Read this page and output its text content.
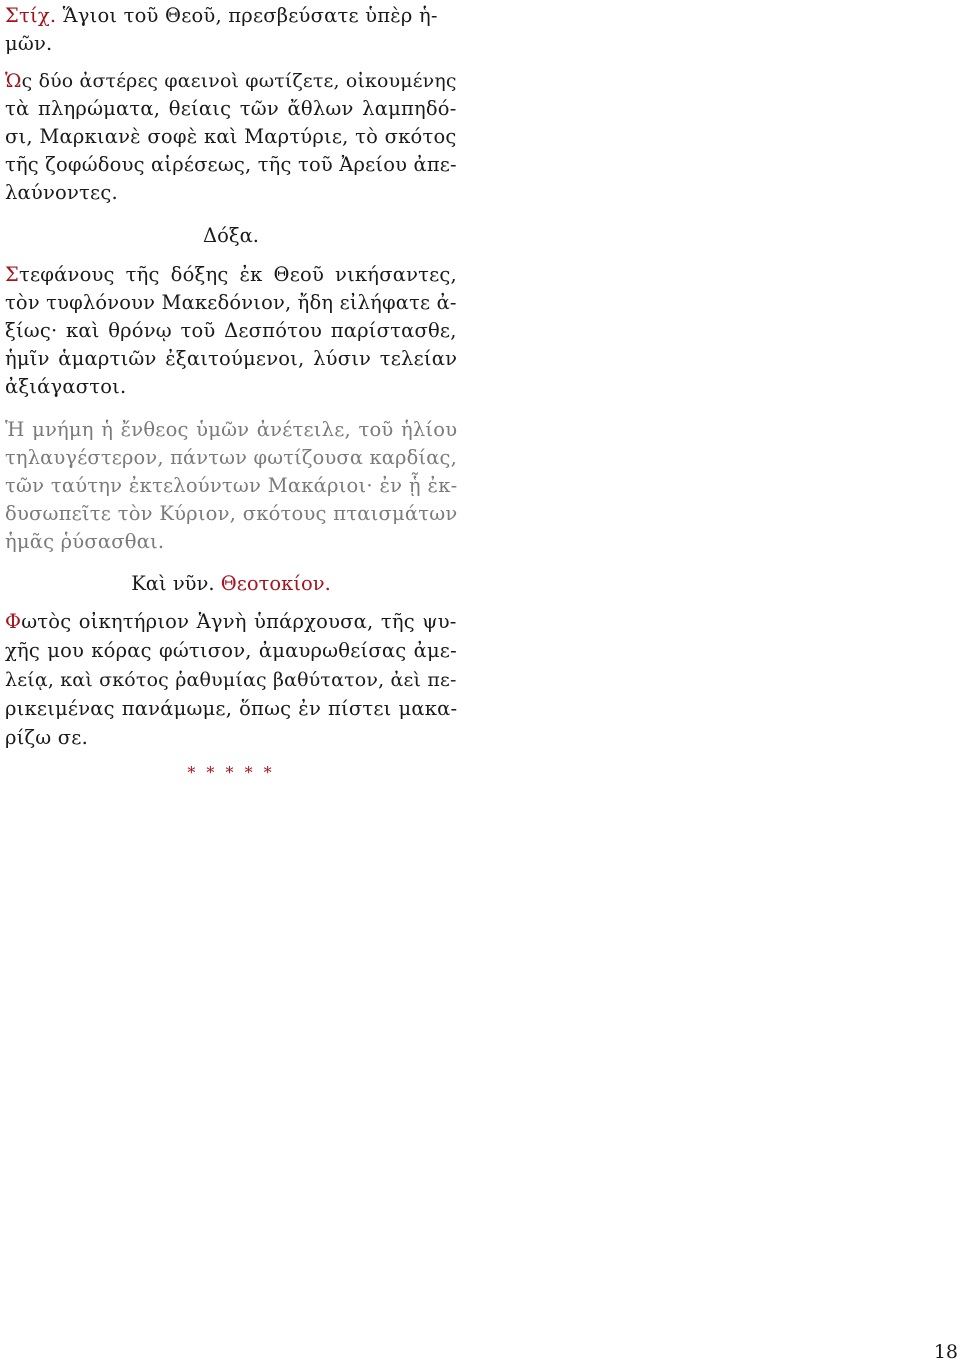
Στίχ. Ἅγιοι τοῦ Θεοῦ, πρεσβεύσατε ὑπὲρ ἡ-
μῶν.
Ὡς δύο ἀστέρες φαεινοὶ φωτίζετε, οἰκουμένης
τὰ πληρώματα, θείαις τῶν ἄθλων λαμπηδό-
σι, Μαρκιανὲ σοφὲ καὶ Μαρτύριε, τὸ σκότος
τῆς ζοφώδους αἱρέσεως, τῆς τοῦ Ἀρείου ἀπε-
λαύνοντες.
Δόξα.
Στεφάνους τῆς δόξης ἐκ Θεοῦ νικήσαντες,
τὸν τυφλόνουν Μακεδόνιον, ἤδη εἰλήφατε ἀ-
ξίως· καὶ θρόνῳ τοῦ Δεσπότου παρίστασθε,
ἡμῖν ἁμαρτιῶν ἐξαιτούμενοι, λύσιν τελείαν
ἀξιάγαστοι.
Ἡ μνήμη ἡ ἔνθεος ὑμῶν ἀνέτειλε, τοῦ ἡλίου
τηλαυγέστερον, πάντων φωτίζουσα καρδίας,
τῶν ταύτην ἐκτελούντων Μακάριοι· ἐν ᾗ ἐκ-
δυσωπεῖτε τὸν Κύριον, σκότους πταισμάτων
ἡμᾶς ῥύσασθαι.
Καὶ νῦν. Θεοτοκίον.
Φωτὸς οἰκητήριον Ἁγνὴ ὑπάρχουσα, τῆς ψυ-
χῆς μου κόρας φώτισον, ἀμαυρωθείσας ἀμε-
λείᾳ, καὶ σκότος ῥαθυμίας βαθύτατον, ἀεὶ πε-
ρικειμένας πανάμωμε, ὅπως ἐν πίστει μακα-
ρίζω σε.
* * * * *
18
